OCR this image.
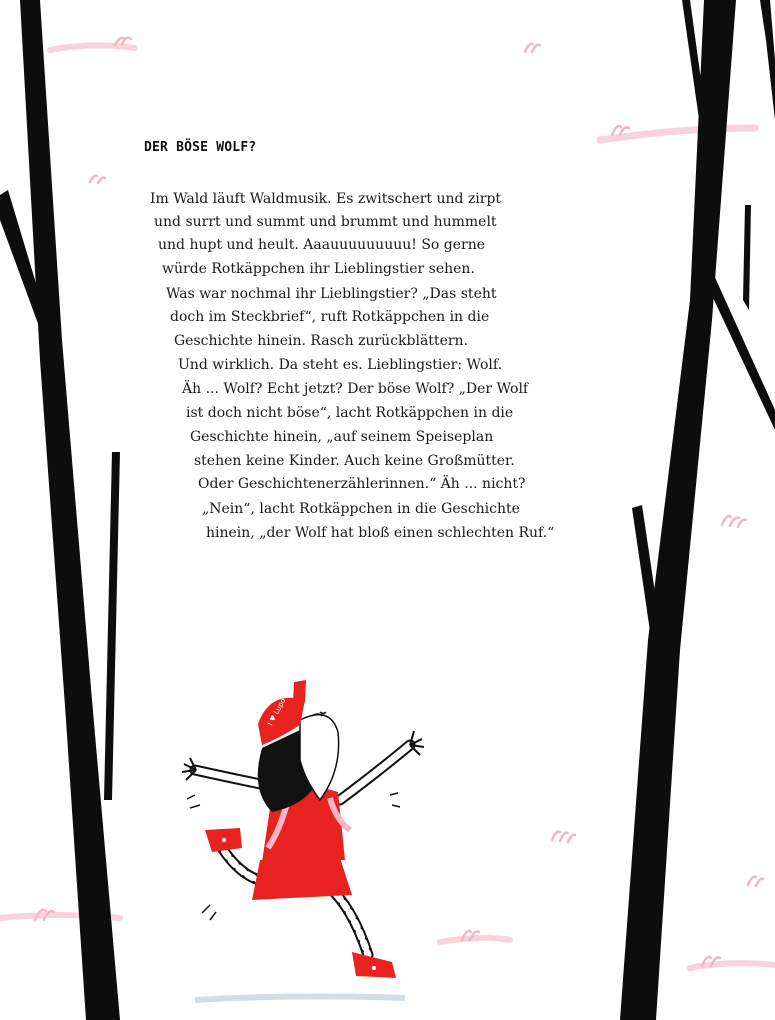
I ♥ Lupo
DER BÖSE WOLF?
Im Wald läuft Waldmusik. Es zwitschert und zirpt
und surrt und summt und brummt und hummelt
und hupt und heult. Aaauuuuuuuuu! So gerne
würde Rotkäppchen ihr Lieblingstier sehen.
Was war nochmal ihr Lieblingstier? „Das steht
doch im Steckbrief“, ruft Rotkäppchen in die
Geschichte hinein. Rasch zurückblättern.
Und wirklich. Da steht es. Lieblingstier: Wolf.
Äh ... Wolf? Echt jetzt? Der böse Wolf? „Der Wolf
ist doch nicht böse“, lacht Rotkäppchen in die
Geschichte hinein, „auf seinem Speiseplan
stehen keine Kinder. Auch keine Großmütter.
Oder Geschichtenerzählerinnen.“ Äh ... nicht?
„Nein“, lacht Rotkäppchen in die Geschichte
hinein, „der Wolf hat bloß einen schlechten Ruf.“
